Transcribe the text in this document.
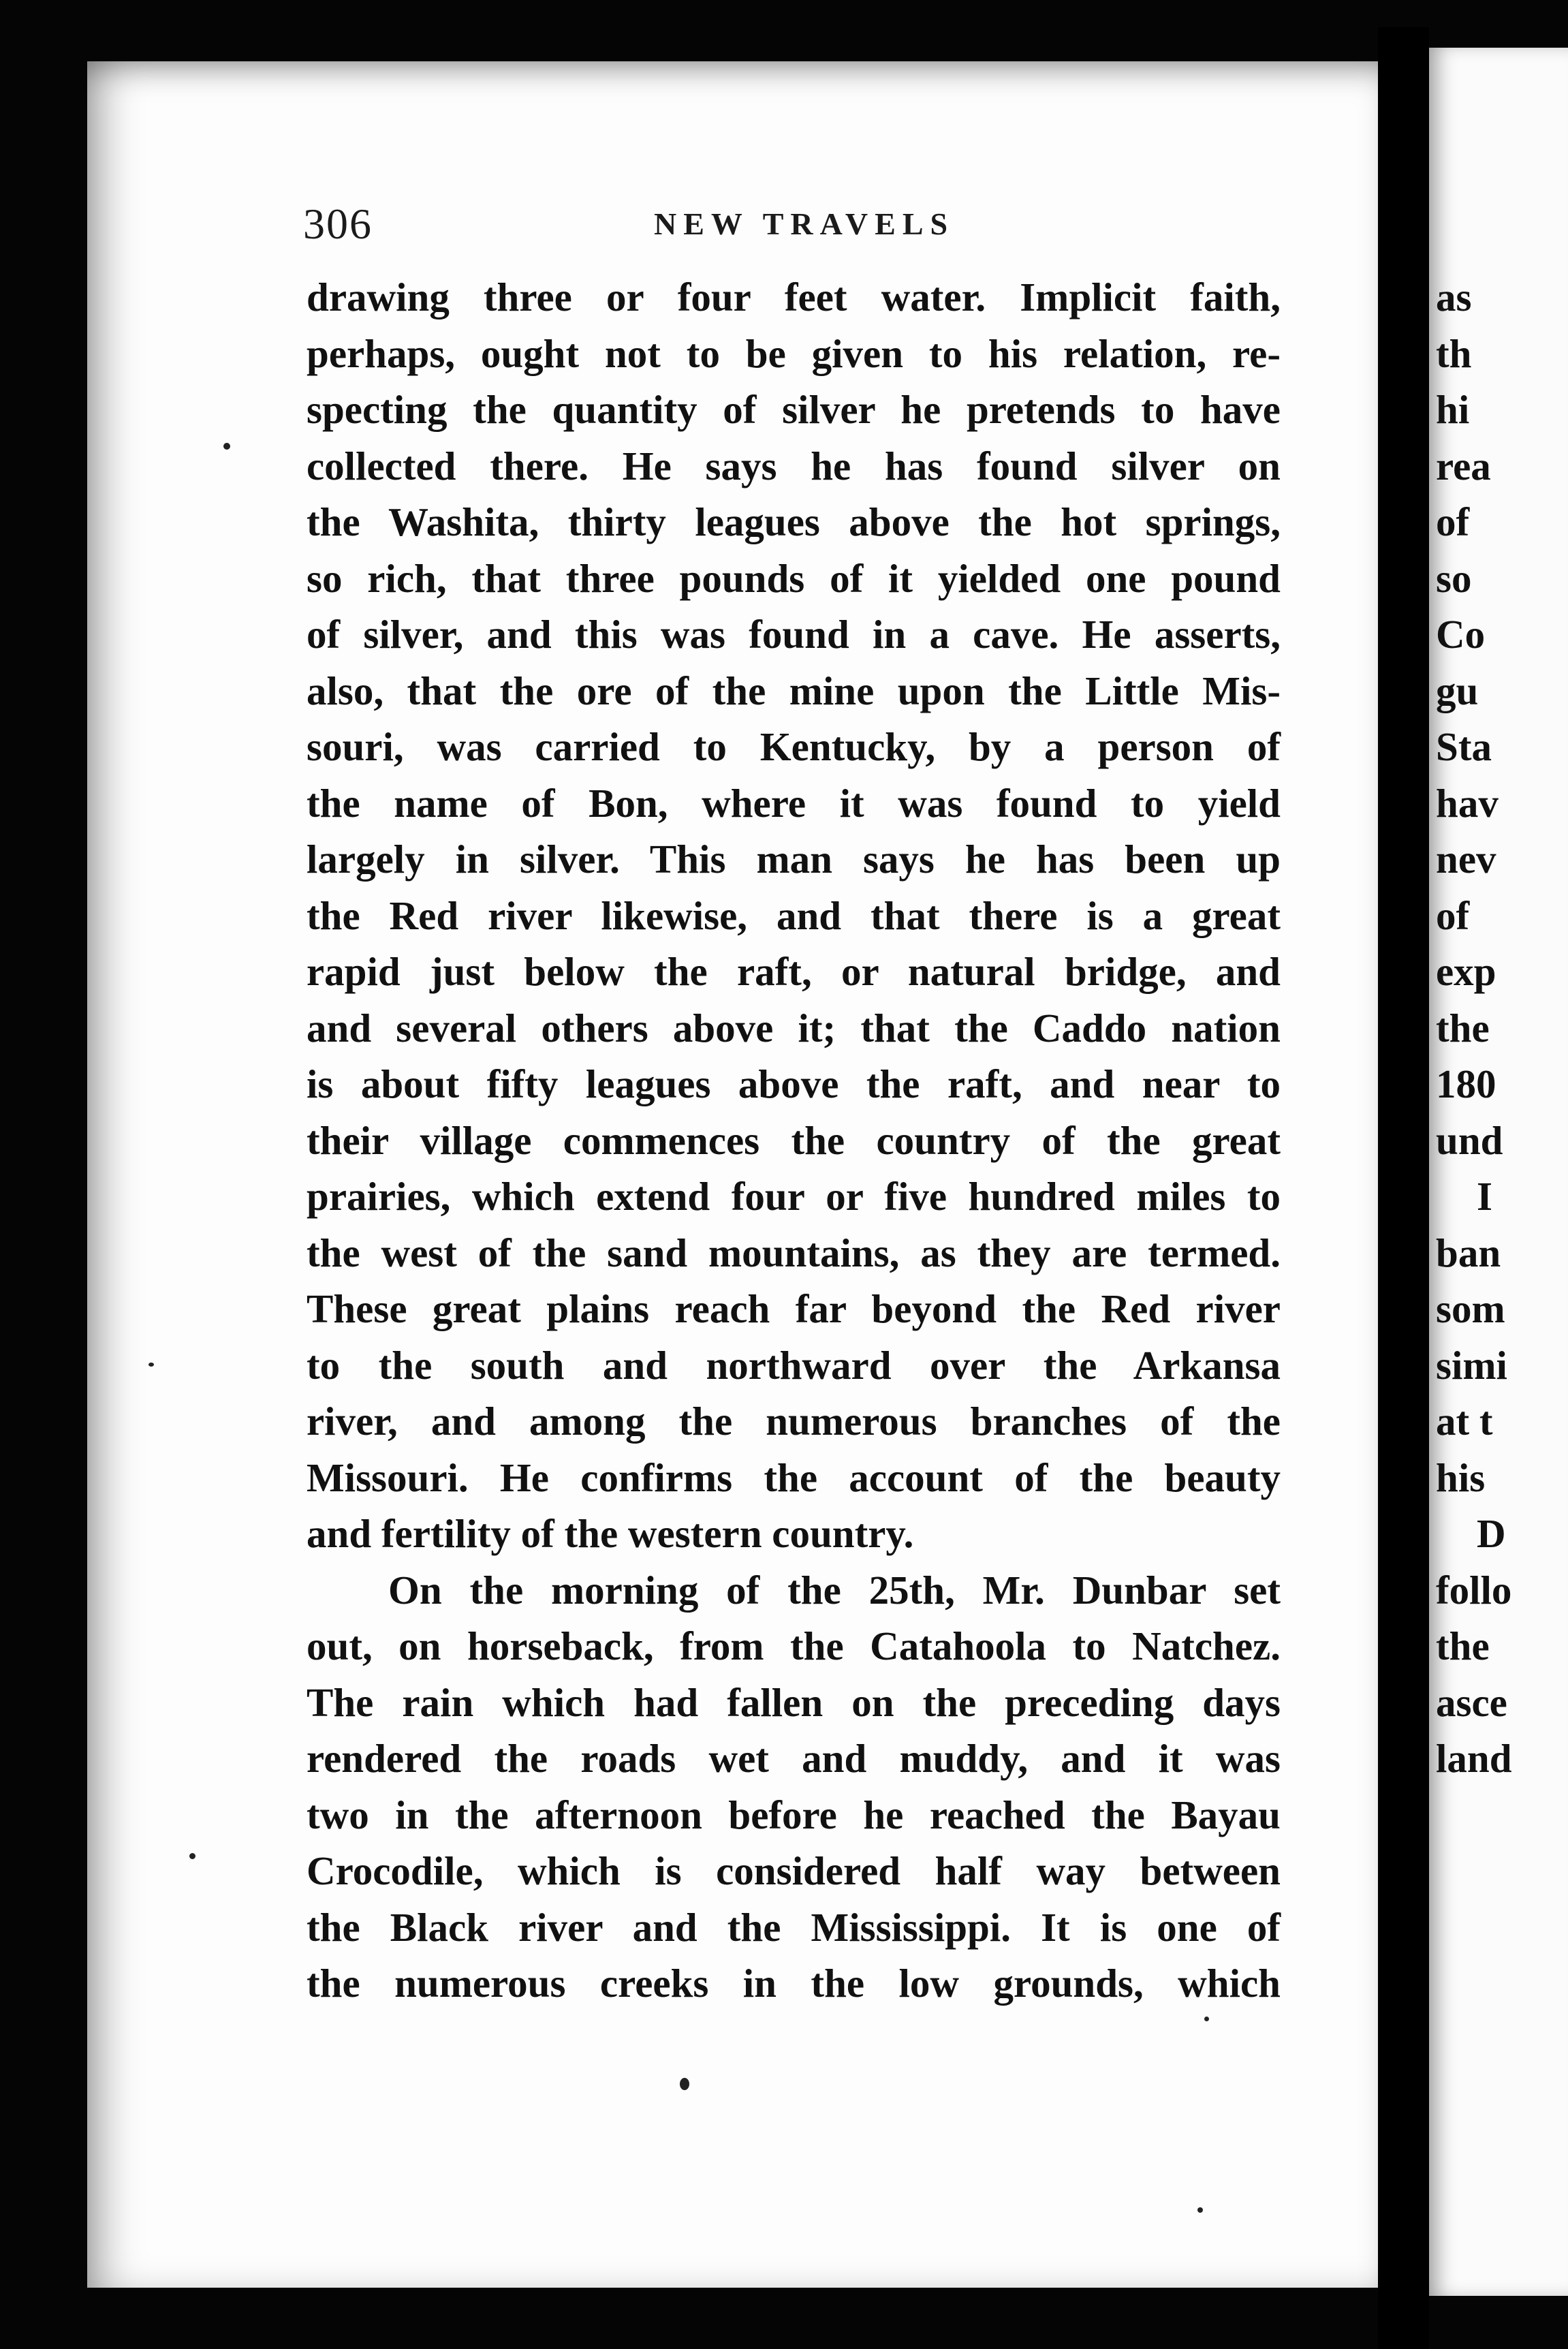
306	NEW TRAVELS
drawing three or four feet water. Implicit faith,
perhaps, ought not to be given to his relation, re-
specting the quantity of silver he pretends to have
collected there. He says he has found silver on
the Washita, thirty leagues above the hot springs,
so rich, that three pounds of it yielded one pound
of silver, and this was found in a cave. He asserts,
also, that the ore of the mine upon the Little Mis-
souri, was carried to Kentucky, by a person of
the name of Bon, where it was found to yield
largely in silver. This man says he has been up
the Red river likewise, and that there is a great
rapid just below the raft, or natural bridge, and
and several others above it; that the Caddo nation
is about fifty leagues above the raft, and near to
their village commences the country of the great
prairies, which extend four or five hundred miles to
the west of the sand mountains, as they are termed.
These great plains reach far beyond the Red river
to the south and northward over the Arkansa
river, and among the numerous branches of the
Missouri. He confirms the account of the beauty
and fertility of the western country.
On the morning of the 25th, Mr. Dunbar set
out, on horseback, from the Catahoola to Natchez.
The rain which had fallen on the preceding days
rendered the roads wet and muddy, and it was
two in the afternoon before he reached the Bayau
Crocodile, which is considered half way between
the Black river and the Mississippi. It is one of
the numerous creeks in the low grounds, which
as
th
hi
rea
of
so
Co
gu
Sta
hav
nev
of
exp
the
180
und
I
ban
som
simi
at t
his
D
follo
the
asce
land
